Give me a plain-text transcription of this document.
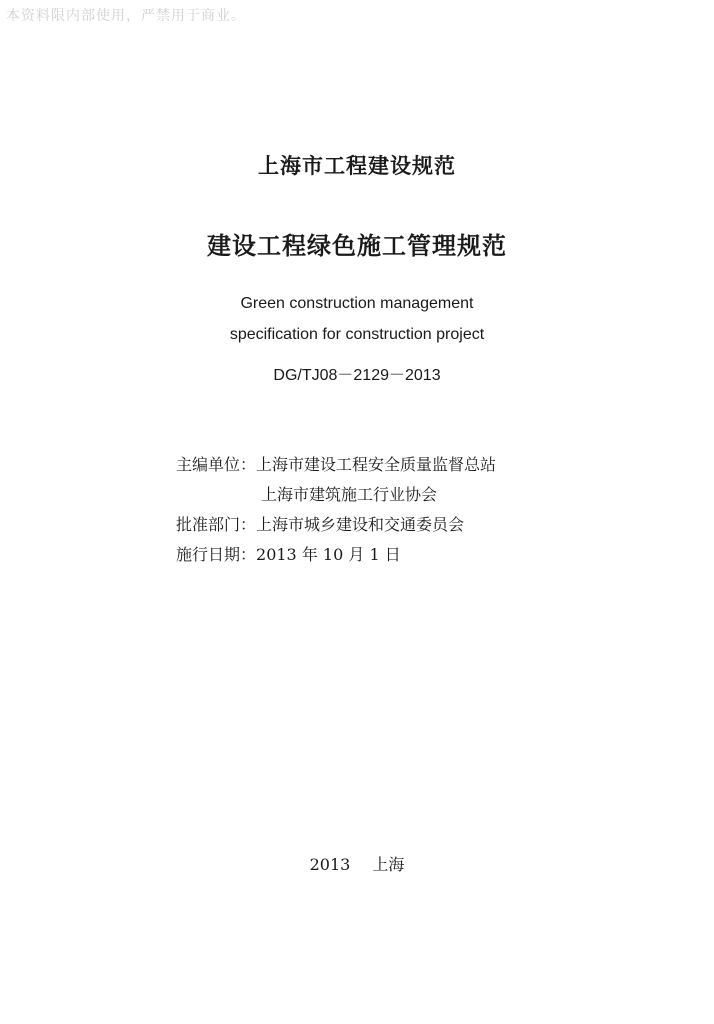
本资料限内部使用，严禁用于商业。
上海市工程建设规范
建设工程绿色施工管理规范
Green construction management
specification for construction project
DG/TJ08－2129－2013
主编单位：上海市建设工程安全质量监督总站
上海市建筑施工行业协会
批准部门：上海市城乡建设和交通委员会
施行日期：2013 年 10 月 1 日
2013 上海
